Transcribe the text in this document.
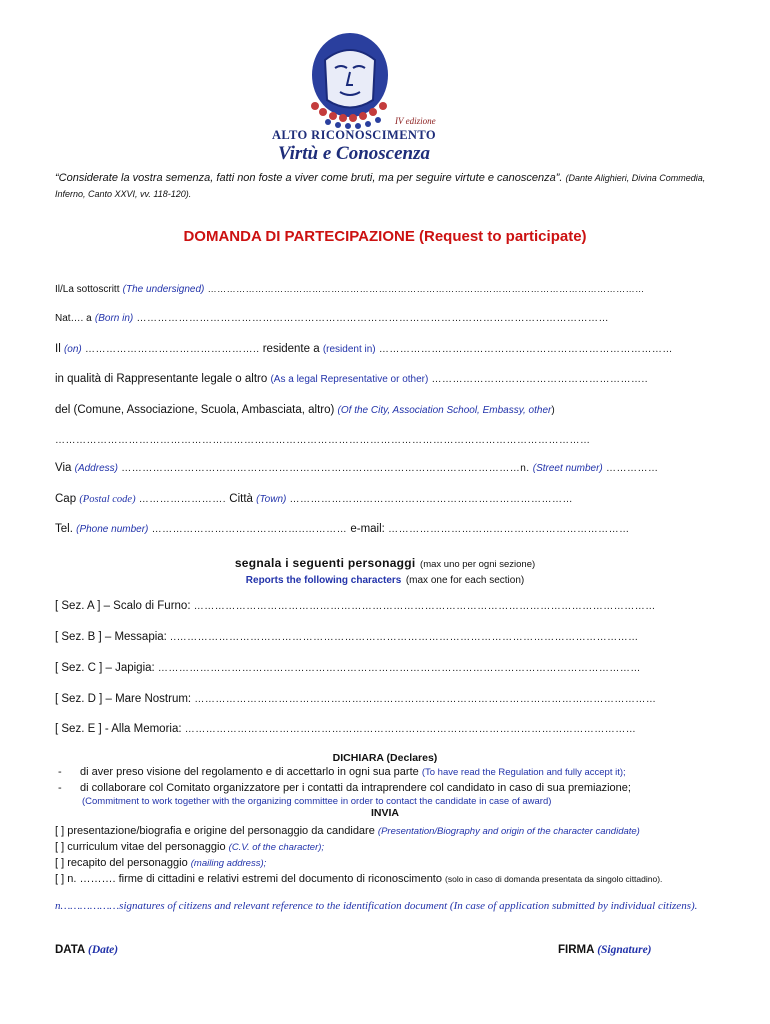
IV edizione
ALTO RICONOSCIMENTO
Virtù e Conoscenza
“Considerate la vostra semenza, fatti non foste a viver come bruti, ma per seguire virtute e canoscenza”. (Dante Alighieri, Divina Commedia, Inferno, Canto XXVI, vv. 118-120).
DOMANDA DI PARTECIPAZIONE (Request to participate)
Il/La sottoscritt (The undersigned) …………………………………………………………………………………………………………………………
Nat…. a (Born in) ………………………………………………………………………………………………………………………
Il (on) ………………………………………….. residente a (resident in) …………………………………………………………………………
in qualità di Rappresentante legale o altro (As a legal Representative or other) ……………………………………………………..
del (Comune, Associazione, Scuola, Ambasciata, altro) (Of the City, Association School, Embassy, other)
………………………………………………………………………………………………………………………………………
Via (Address) ……………………………………………………………………………………………………n. (Street number) ……………
Cap (Postal code) ……………………. Città (Town) ………………………………………………………………………
Tel. (Phone number) ……………………………………..………… e-mail: ……………………………………………………………
segnala i seguenti personaggi (max uno per ogni sezione)
Reports the following characters (max one for each section)
[ Sez. A ] – Scalo di Furno: ……………………………………………………………………………………………………………………
[ Sez. B ] – Messapia: ..……………………………………………………………………………………………………………………
[ Sez. C ] – Japigia: …………………………………………………………………………………………………………………………
[ Sez. D ] – Mare Nostrum: ……………………………………………………………………………………………………………………
[ Sez. E ] - Alla Memoria: …………………………………………………………………………………………………………………
DICHIARA (Declares)
- di aver preso visione del regolamento e di accettarlo in ogni sua parte (To have read the Regulation and fully accept it);
- di collaborare col Comitato organizzatore per i contatti da intraprendere col candidato in caso di sua premiazione;
(Commitment to work together with the organizing committee in order to contact the candidate in case of award)
INVIA
[ ] presentazione/biografia e origine del personaggio da candidare (Presentation/Biography and origin of the character candidate)
[ ] curriculum vitae del personaggio (C.V. of the character);
[ ] recapito del personaggio (mailing address);
[ ] n. ………. firme di cittadini e relativi estremi del documento di riconoscimento (solo in caso di domanda presentata da singolo cittadino).
n………………signatures of citizens and relevant reference to the identification document (In case of application submitted by individual citizens).
DATA (Date)	FIRMA (Signature)
